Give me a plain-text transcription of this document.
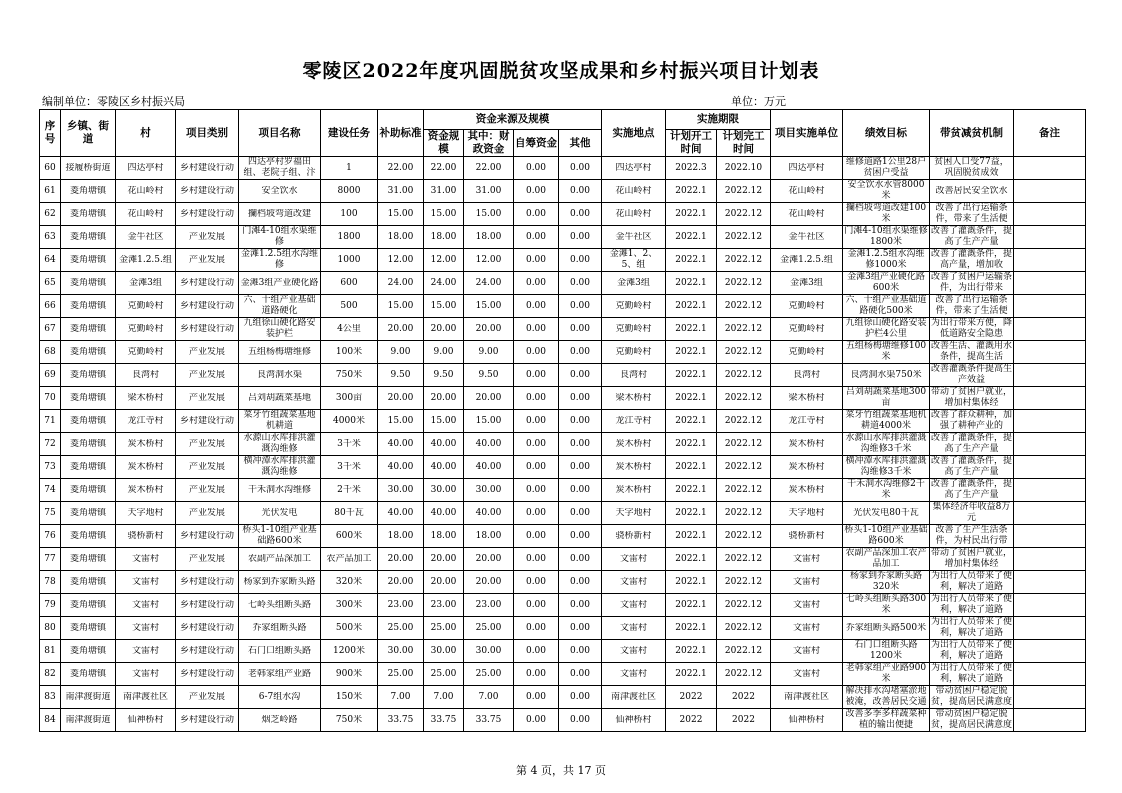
零陵区2022年度巩固脱贫攻坚成果和乡村振兴项目计划表
编制单位：零陵区乡村振兴局	单位：万元
序号	乡镇、街道	村	项目类别	项目名称	建设任务	补助标准	资金来源及规模				实施地点	实施期限		项目实施单位	绩效目标	带贫减贫机制	备注
							资金规模	其中：财政资金	自筹资金	其他		计划开工时间	计划完工时间				

60	接履桥街道	四达亭村	乡村建设行动	四达亭村罗福田组、老院子组、汴	1	22.00	22.00	22.00	0.00	0.00	四达亭村	2022.3	2022.10	四达亭村	维修道路1公里28户贫困户受益	贫困人口受77益，巩固脱贫成效	

61	菱角塘镇	花山岭村	乡村建设行动	安全饮水	8000	31.00	31.00	31.00	0.00	0.00	花山岭村	2022.1	2022.12	花山岭村	安全饮水水管8000米	改善居民安全饮水	

62	菱角塘镇	花山岭村	乡村建设行动	攔档坡弯道改建	100	15.00	15.00	15.00	0.00	0.00	花山岭村	2022.1	2022.12	花山岭村	攔档坡弯道改建100米	改善了出行运输条件，带来了生活便	

63	菱角塘镇	金牛社区	产业发展	门滩4-10组水渠维修	1800	18.00	18.00	18.00	0.00	0.00	金牛社区	2022.1	2022.12	金牛社区	门滩4-10组水渠维修1800米	改善了灌溉条件，提高了生产产量	

64	菱角塘镇	金滩1.2.5.组	产业发展	金滩1.2.5组水沟维修	1000	12.00	12.00	12.00	0.00	0.00	金滩1、2、5、组	2022.1	2022.12	金滩1.2.5.组	金滩1.2.5组水沟维修1000米	改善了灌溉条件，提高产量，增加收	

65	菱角塘镇	金滩3组	乡村建设行动	金滩3组产业硬化路	600	24.00	24.00	24.00	0.00	0.00	金滩3组	2022.1	2022.12	金滩3组	金滩3组产业硬化路600米	改善了贫困户运输条件，为出行带来	

66	菱角塘镇	克勤岭村	乡村建设行动	六、十组产业基础道路硬化	500	15.00	15.00	15.00	0.00	0.00	克勤岭村	2022.1	2022.12	克勤岭村	六、十组产业基础道路硬化500米	改善了出行运输条件，带来了生活便	

67	菱角塘镇	克勤岭村	乡村建设行动	九组徐山硬化路安装护栏	4公里	20.00	20.00	20.00	0.00	0.00	克勤岭村	2022.1	2022.12	克勤岭村	九组徐山硬化路安装护栏4公里	为出行带来方便，降低道路安全隐患	

68	菱角塘镇	克勤岭村	产业发展	五组杨梅塘维修	100米	9.00	9.00	9.00	0.00	0.00	克勤岭村	2022.1	2022.12	克勤岭村	五组杨梅塘维修100米	改善生活、灌溉用水条件，提高生活	

69	菱角塘镇	良湾村	产业发展	良湾洞水渠	750米	9.50	9.50	9.50	0.00	0.00	良湾村	2022.1	2022.12	良湾村	良湾洞水渠750米	改善灌溉条件提高生产效益	

70	菱角塘镇	梁木桥村	产业发展	吕刘胡蔬菜基地	300亩	20.00	20.00	20.00	0.00	0.00	梁木桥村	2022.1	2022.12	梁木桥村	吕刘胡蔬菜基地300亩	带动了贫困户就业，增加村集体经	

71	菱角塘镇	龙江寺村	乡村建设行动	菜牙竹组蔬菜基地机耕道	4000米	15.00	15.00	15.00	0.00	0.00	龙江寺村	2022.1	2022.12	龙江寺村	菜牙竹组蔬菜基地机耕道4000米	改善了群众耕种，加强了耕种产业的	

72	菱角塘镇	炭木桥村	产业发展	水源山水库排洪灌溉沟维修	3千米	40.00	40.00	40.00	0.00	0.00	炭木桥村	2022.1	2022.12	炭木桥村	水源山水库排洪灌溉沟维修3千米	改善了灌溉条件，提高了生产产量	

73	菱角塘镇	炭木桥村	产业发展	横冲潭水库排洪灌溉沟维修	3千米	40.00	40.00	40.00	0.00	0.00	炭木桥村	2022.1	2022.12	炭木桥村	横冲潭水库排洪灌溉沟维修3千米	改善了灌溉条件，提高了生产产量	

74	菱角塘镇	炭木桥村	产业发展	干禾洞水沟维修	2千米	30.00	30.00	30.00	0.00	0.00	炭木桥村	2022.1	2022.12	炭木桥村	干禾洞水沟维修2千米	改善了灌溉条件，提高了生产产量	

75	菱角塘镇	天字地村	产业发展	光伏发电	80千瓦	40.00	40.00	40.00	0.00	0.00	天字地村	2022.1	2022.12	天字地村	光伏发电80千瓦	集体经济年收益8万元	

76	菱角塘镇	骁桥新村	乡村建设行动	桥头1-10组产业基础路600米	600米	18.00	18.00	18.00	0.00	0.00	骁桥新村	2022.1	2022.12	骁桥新村	桥头1-10组产业基础路600米	改善了生产生活条件，为村民出行带	

77	菱角塘镇	文雷村	产业发展	农副产品深加工	农产品加工	20.00	20.00	20.00	0.00	0.00	文雷村	2022.1	2022.12	文雷村	农副产品深加工农产品加工	带动了贫困户就业，增加村集体经	

78	菱角塘镇	文雷村	乡村建设行动	杨家到乔家断头路	320米	20.00	20.00	20.00	0.00	0.00	文雷村	2022.1	2022.12	文雷村	杨家到乔家断头路320米	为出行人员带来了便利，解决了道路	

79	菱角塘镇	文雷村	乡村建设行动	七岭头组断头路	300米	23.00	23.00	23.00	0.00	0.00	文雷村	2022.1	2022.12	文雷村	七岭头组断头路300米	为出行人员带来了便利，解决了道路	

80	菱角塘镇	文雷村	乡村建设行动	乔家组断头路	500米	25.00	25.00	25.00	0.00	0.00	文雷村	2022.1	2022.12	文雷村	乔家组断头路500米	为出行人员带来了便利，解决了道路	

81	菱角塘镇	文雷村	乡村建设行动	石门口组断头路	1200米	30.00	30.00	30.00	0.00	0.00	文雷村	2022.1	2022.12	文雷村	石门口组断头路1200米	为出行人员带来了便利，解决了道路	

82	菱角塘镇	文雷村	乡村建设行动	老韩家组产业路	900米	25.00	25.00	25.00	0.00	0.00	文雷村	2022.1	2022.12	文雷村	老韩家组产业路900米	为出行人员带来了便利，解决了道路	

83	南津渡街道	南津渡社区	产业发展	6-7组水沟	150米	7.00	7.00	7.00	0.00	0.00	南津渡社区	2022	2022	南津渡社区	解决排水沟堵塞淤地被淹，改善居民交通	带动贫困户稳定脱贫，提高居民满意度	

84	南津渡街道	仙神桥村	乡村建设行动	烟芝岭路	750米	33.75	33.75	33.75	0.00	0.00	仙神桥村	2022	2022	仙神桥村	改善多季多样蔬菜种植的输出便捷	带动贫困户稳定脱贫，提高居民满意度	

第 4 页，共 17 页
